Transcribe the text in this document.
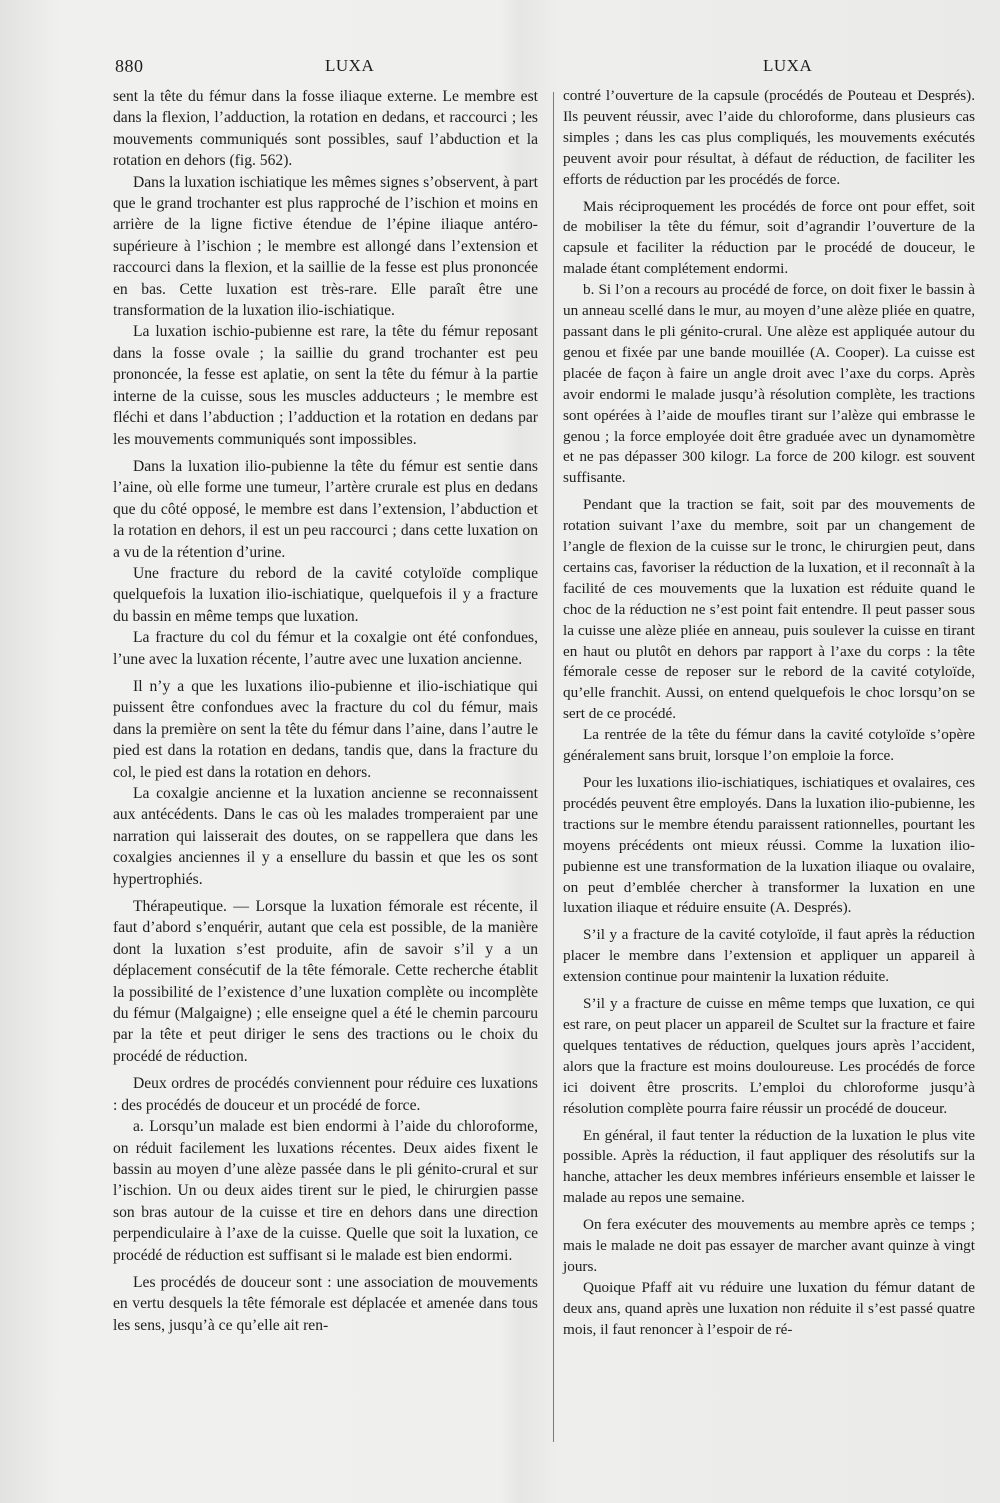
880	LUXA	LUXA

sent la tête du fémur dans la fosse iliaque externe. Le membre est dans la flexion, l’adduction, la rotation en dedans, et raccourci ; les mouvements communiqués sont possibles, sauf l’abduction et la rotation en dehors (fig. 562).

Dans la luxation ischiatique les mêmes signes s’observent, à part que le grand trochanter est plus rapproché de l’ischion et moins en arrière de la ligne fictive étendue de l’épine iliaque antéro-supérieure à l’ischion ; le membre est allongé dans l’extension et raccourci dans la flexion, et la saillie de la fesse est plus prononcée en bas. Cette luxation est très-rare. Elle paraît être une transformation de la luxation ilio-ischiatique.

La luxation ischio-pubienne est rare, la tête du fémur reposant dans la fosse ovale ; la saillie du grand trochanter est peu prononcée, la fesse est aplatie, on sent la tête du fémur à la partie interne de la cuisse, sous les muscles adducteurs ; le membre est fléchi et dans l’abduction ; l’adduction et la rotation en dedans par les mouvements communiqués sont impossibles.

Dans la luxation ilio-pubienne la tête du fémur est sentie dans l’aine, où elle forme une tumeur, l’artère crurale est plus en dedans que du côté opposé, le membre est dans l’extension, l’abduction et la rotation en dehors, il est un peu raccourci ; dans cette luxation on a vu de la rétention d’urine.

Une fracture du rebord de la cavité cotyloïde complique quelquefois la luxation ilio-ischiatique, quelquefois il y a fracture du bassin en même temps que luxation.

La fracture du col du fémur et la coxalgie ont été confondues, l’une avec la luxation récente, l’autre avec une luxation ancienne.

Il n’y a que les luxations ilio-pubienne et ilio-ischiatique qui puissent être confondues avec la fracture du col du fémur, mais dans la première on sent la tête du fémur dans l’aine, dans l’autre le pied est dans la rotation en dedans, tandis que, dans la fracture du col, le pied est dans la rotation en dehors.

La coxalgie ancienne et la luxation ancienne se reconnaissent aux antécédents. Dans le cas où les malades tromperaient par une narration qui laisserait des doutes, on se rappellera que dans les coxalgies anciennes il y a ensellure du bassin et que les os sont hypertrophiés.

Thérapeutique. — Lorsque la luxation fémorale est récente, il faut d’abord s’enquérir, autant que cela est possible, de la manière dont la luxation s’est produite, afin de savoir s’il y a un déplacement consécutif de la tête fémorale. Cette recherche établit la possibilité de l’existence d’une luxation complète ou incomplète du fémur (Malgaigne) ; elle enseigne quel a été le chemin parcouru par la tête et peut diriger le sens des tractions ou le choix du procédé de réduction.

Deux ordres de procédés conviennent pour réduire ces luxations : des procédés de douceur et un procédé de force.

a. Lorsqu’un malade est bien endormi à l’aide du chloroforme, on réduit facilement les luxations récentes. Deux aides fixent le bassin au moyen d’une alèze passée dans le pli génito-crural et sur l’ischion. Un ou deux aides tirent sur le pied, le chirurgien passe son bras autour de la cuisse et tire en dehors dans une direction perpendiculaire à l’axe de la cuisse. Quelle que soit la luxation, ce procédé de réduction est suffisant si le malade est bien endormi.

Les procédés de douceur sont : une association de mouvements en vertu desquels la tête fémorale est déplacée et amenée dans tous les sens, jusqu’à ce qu’elle ait ren-

contré l’ouverture de la capsule (procédés de Pouteau et Després). Ils peuvent réussir, avec l’aide du chloroforme, dans plusieurs cas simples ; dans les cas plus compliqués, les mouvements exécutés peuvent avoir pour résultat, à défaut de réduction, de faciliter les efforts de réduction par les procédés de force.

Mais réciproquement les procédés de force ont pour effet, soit de mobiliser la tête du fémur, soit d’agrandir l’ouverture de la capsule et faciliter la réduction par le procédé de douceur, le malade étant complétement endormi.

b. Si l’on a recours au procédé de force, on doit fixer le bassin à un anneau scellé dans le mur, au moyen d’une alèze pliée en quatre, passant dans le pli génito-crural. Une alèze est appliquée autour du genou et fixée par une bande mouillée (A. Cooper). La cuisse est placée de façon à faire un angle droit avec l’axe du corps. Après avoir endormi le malade jusqu’à résolution complète, les tractions sont opérées à l’aide de moufles tirant sur l’alèze qui embrasse le genou ; la force employée doit être graduée avec un dynamomètre et ne pas dépasser 300 kilogr. La force de 200 kilogr. est souvent suffisante.

Pendant que la traction se fait, soit par des mouvements de rotation suivant l’axe du membre, soit par un changement de l’angle de flexion de la cuisse sur le tronc, le chirurgien peut, dans certains cas, favoriser la réduction de la luxation, et il reconnaît à la facilité de ces mouvements que la luxation est réduite quand le choc de la réduction ne s’est point fait entendre. Il peut passer sous la cuisse une alèze pliée en anneau, puis soulever la cuisse en tirant en haut ou plutôt en dehors par rapport à l’axe du corps : la tête fémorale cesse de reposer sur le rebord de la cavité cotyloïde, qu’elle franchit. Aussi, on entend quelquefois le choc lorsqu’on se sert de ce procédé.

La rentrée de la tête du fémur dans la cavité cotyloïde s’opère généralement sans bruit, lorsque l’on emploie la force.

Pour les luxations ilio-ischiatiques, ischiatiques et ovalaires, ces procédés peuvent être employés. Dans la luxation ilio-pubienne, les tractions sur le membre étendu paraissent rationnelles, pourtant les moyens précédents ont mieux réussi. Comme la luxation ilio-pubienne est une transformation de la luxation iliaque ou ovalaire, on peut d’emblée chercher à transformer la luxation en une luxation iliaque et réduire ensuite (A. Després).

S’il y a fracture de la cavité cotyloïde, il faut après la réduction placer le membre dans l’extension et appliquer un appareil à extension continue pour maintenir la luxation réduite.

S’il y a fracture de cuisse en même temps que luxation, ce qui est rare, on peut placer un appareil de Scultet sur la fracture et faire quelques tentatives de réduction, quelques jours après l’accident, alors que la fracture est moins douloureuse. Les procédés de force ici doivent être proscrits. L’emploi du chloroforme jusqu’à résolution complète pourra faire réussir un procédé de douceur.

En général, il faut tenter la réduction de la luxation le plus vite possible. Après la réduction, il faut appliquer des résolutifs sur la hanche, attacher les deux membres inférieurs ensemble et laisser le malade au repos une semaine.

On fera exécuter des mouvements au membre après ce temps ; mais le malade ne doit pas essayer de marcher avant quinze à vingt jours.

Quoique Pfaff ait vu réduire une luxation du fémur datant de deux ans, quand après une luxation non réduite il s’est passé quatre mois, il faut renoncer à l’espoir de ré-
